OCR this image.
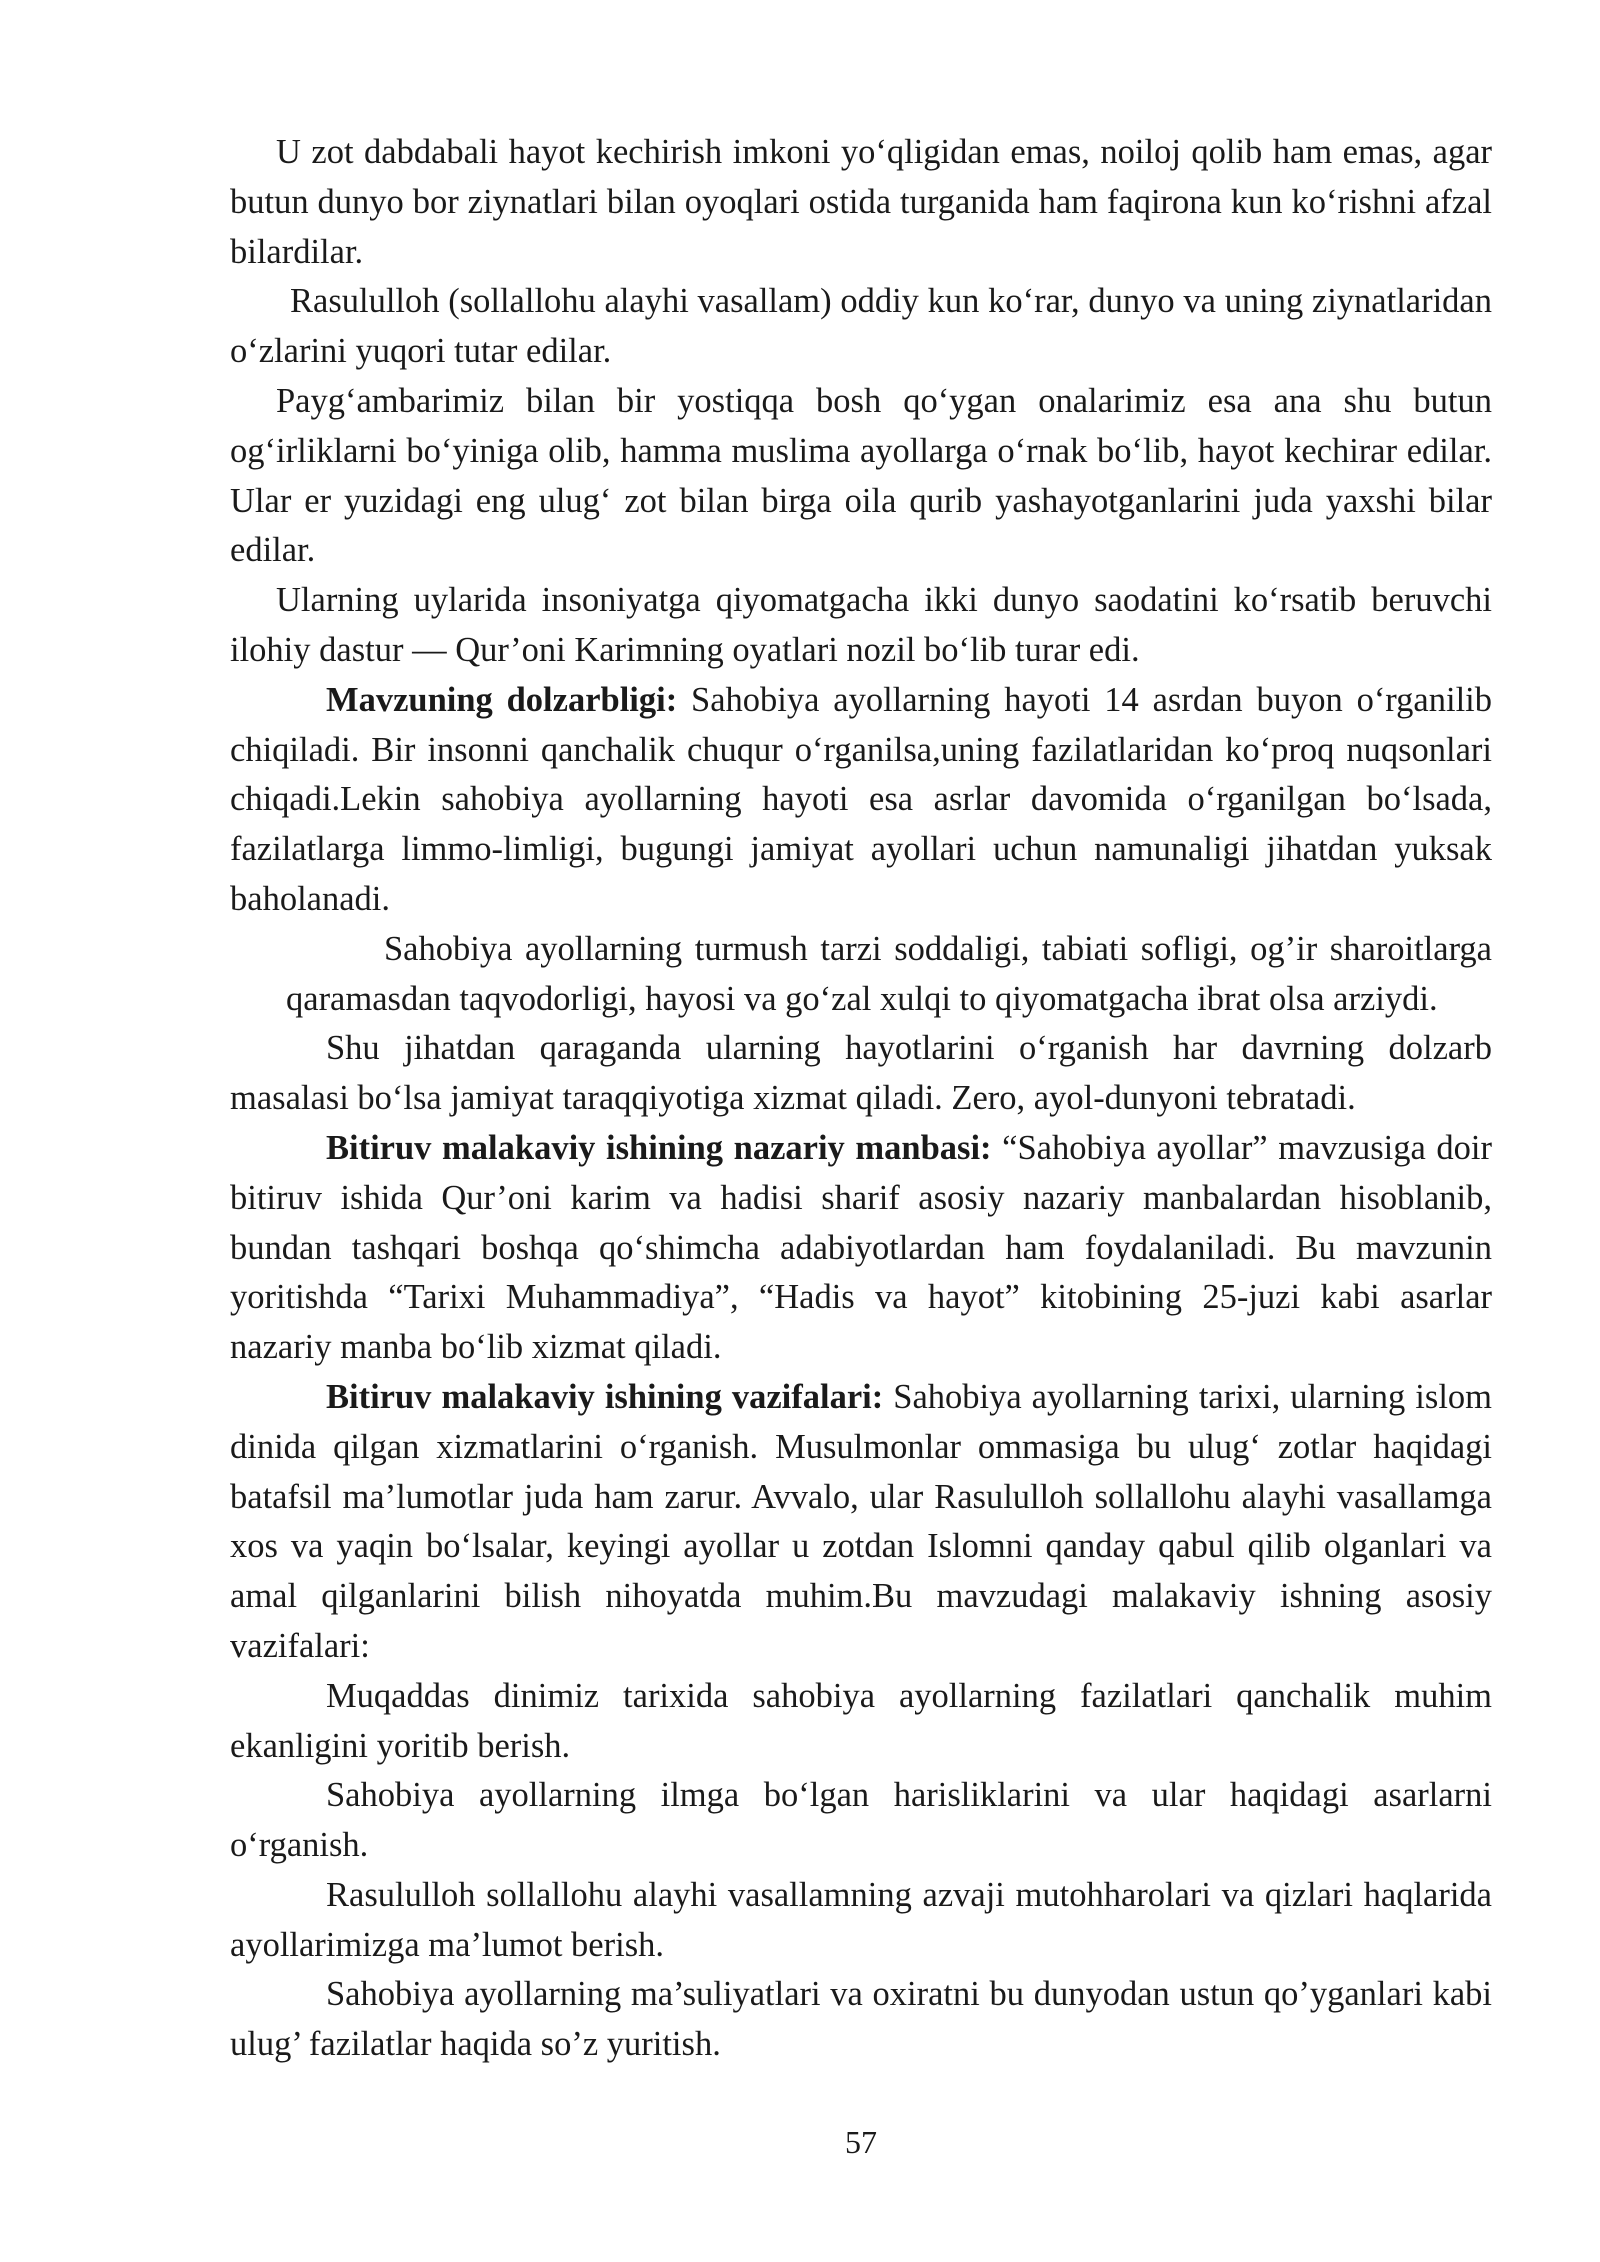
U zot dabdabali hayot kechirish imkoni yo‘qligidan emas, noiloj qolib ham emas, agar butun dunyo bor ziynatlari bilan oyoqlari ostida turganida ham faqirona kun ko‘rishni afzal bilardilar.

Rasululloh (sollallohu alayhi vasallam) oddiy kun ko‘rar, dunyo va uning ziynatlaridan o‘zlarini yuqori tutar edilar.

Payg‘ambarimiz bilan bir yostiqqa bosh qo‘ygan onalarimiz esa ana shu butun og‘irliklarni bo‘yiniga olib, hamma muslima ayollarga o‘rnak bo‘lib, hayot kechirar edilar. Ular er yuzidagi eng ulug‘ zot bilan birga oila qurib yashayotganlarini juda yaxshi bilar edilar.

Ularning uylarida insoniyatga qiyomatgacha ikki dunyo saodatini ko‘rsatib beruvchi ilohiy dastur — Qur’oni Karimning oyatlari nozil bo‘lib turar edi.

Mavzuning dolzarbligi: Sahobiya ayollarning hayoti 14 asrdan buyon o‘rganilib chiqiladi. Bir insonni qanchalik chuqur o‘rganilsa,uning fazilatlaridan ko‘proq nuqsonlari chiqadi.Lekin sahobiya ayollarning hayoti esa asrlar davomida o‘rganilgan bo‘lsada, fazilatlarga limmo-limligi, bugungi jamiyat ayollari uchun namunaligi jihatdan yuksak baholanadi.

Sahobiya ayollarning turmush tarzi soddaligi, tabiati sofligi, og’ir sharoitlarga qaramasdan taqvodorligi, hayosi va go‘zal xulqi to qiyomatgacha ibrat olsa arziydi.

Shu jihatdan qaraganda ularning hayotlarini o‘rganish har davrning dolzarb masalasi bo‘lsa jamiyat taraqqiyotiga xizmat qiladi. Zero, ayol-dunyoni tebratadi.

Bitiruv malakaviy ishining nazariy manbasi: “Sahobiya ayollar” mavzusiga doir bitiruv ishida Qur’oni karim va hadisi sharif asosiy nazariy manbalardan hisoblanib, bundan tashqari boshqa qo‘shimcha adabiyotlardan ham foydalaniladi. Bu mavzunin yoritishda “Tarixi Muhammadiya”, “Hadis va hayot” kitobining 25-juzi kabi asarlar nazariy manba bo‘lib xizmat qiladi.

Bitiruv malakaviy ishining vazifalari: Sahobiya ayollarning tarixi, ularning islom dinida qilgan xizmatlarini o‘rganish. Musulmonlar ommasiga bu ulug‘ zotlar haqidagi batafsil ma’lumotlar juda ham zarur. Avvalo, ular Rasululloh sollallohu alayhi vasallamga xos va yaqin bo‘lsalar, keyingi ayollar u zotdan Islomni qanday qabul qilib olganlari va amal qilganlarini bilish nihoyatda muhim.Bu mavzudagi malakaviy ishning asosiy vazifalari:

Muqaddas dinimiz tarixida sahobiya ayollarning fazilatlari qanchalik muhim ekanligini yoritib berish.

Sahobiya ayollarning ilmga bo‘lgan harisliklarini va ular haqidagi asarlarni o‘rganish.

Rasululloh sollallohu alayhi vasallamning azvaji mutohharolari va qizlari haqlarida ayollarimizga ma’lumot berish.

Sahobiya ayollarning ma’suliyatlari va oxiratni bu dunyodan ustun qo’yganlari kabi ulug’ fazilatlar haqida so’z yuritish.

57
